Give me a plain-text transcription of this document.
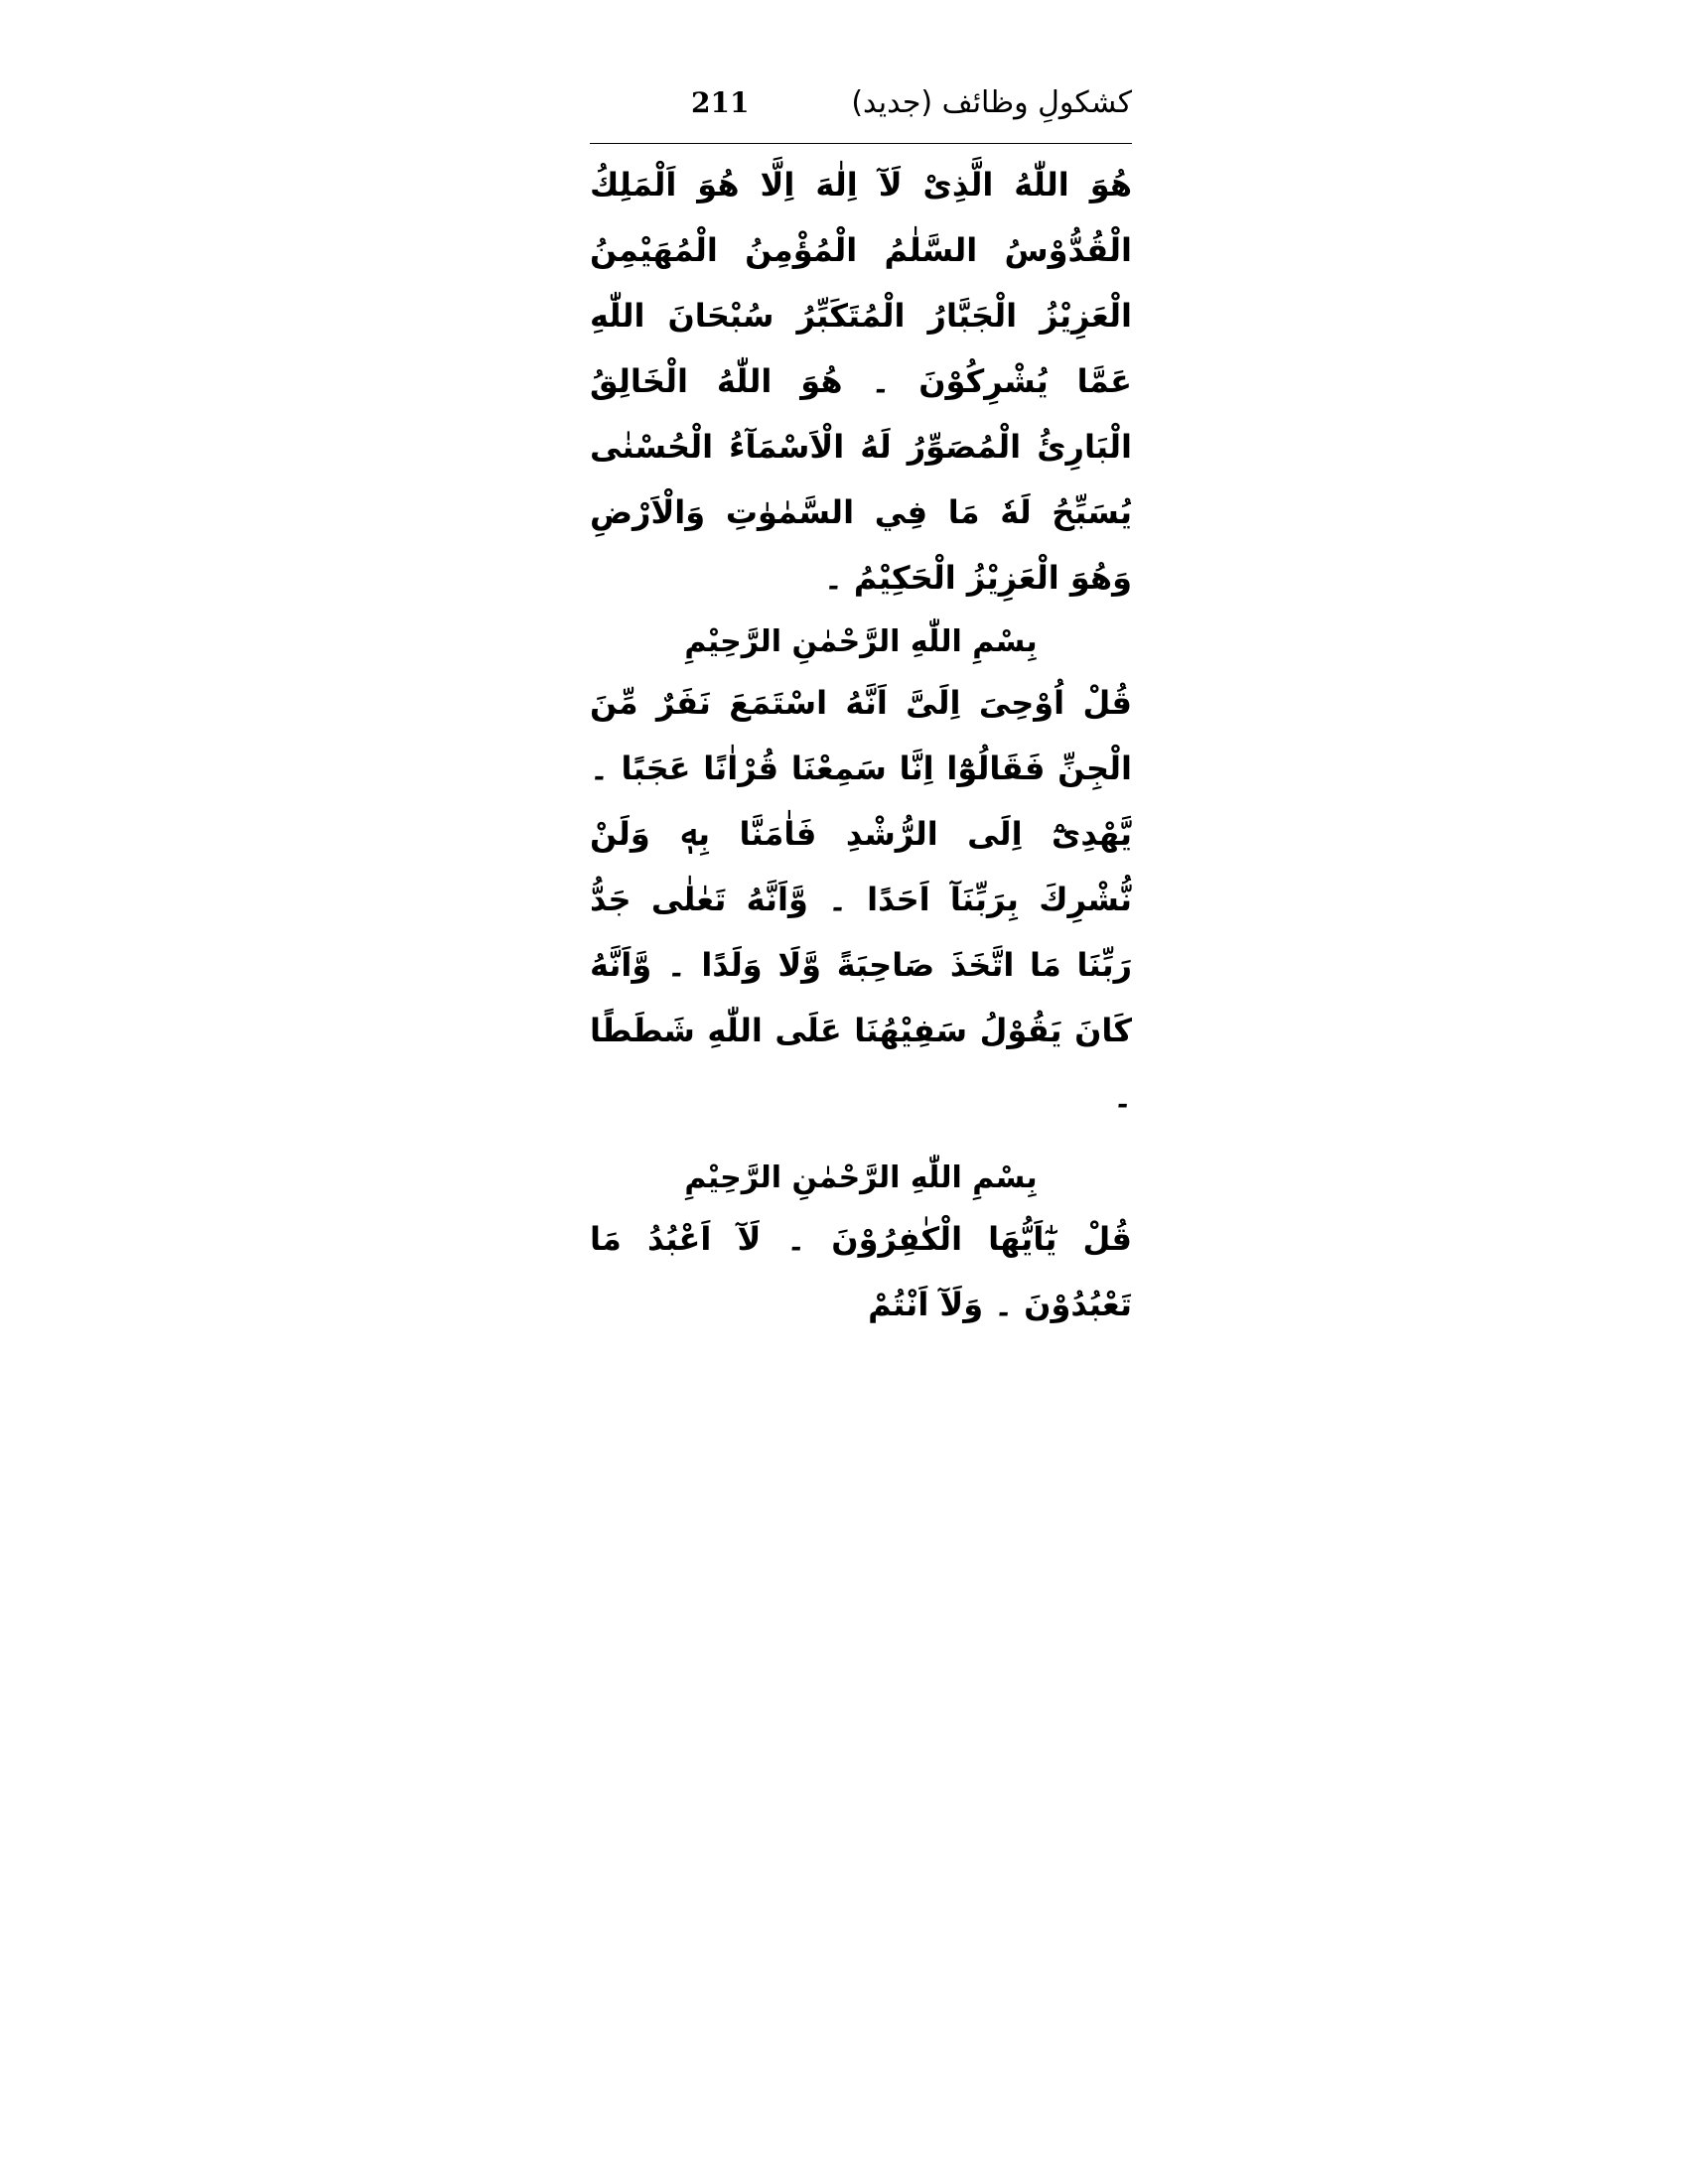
کشکولِ وظائف (جدید)
211

هُوَ اللّٰهُ الَّذِیْ لَآ اِلٰهَ اِلَّا هُوَ اَلْمَلِكُ الْقُدُّوْسُ السَّلٰمُ الْمُؤْمِنُ الْمُهَيْمِنُ الْعَزِیْزُ الْجَبَّارُ الْمُتَكَبِّرُ سُبْحَانَ اللّٰهِ عَمَّا يُشْرِكُوْنَ ۔ هُوَ اللّٰهُ الْخَالِقُ الْبَارِئُ الْمُصَوِّرُ لَهُ الْاَسْمَآءُ الْحُسْنٰى يُسَبِّحُ لَهٗ مَا فِي السَّمٰوٰتِ وَالْاَرْضِ وَهُوَ الْعَزِیْزُ الْحَكِيْمُ ۔

بِسْمِ اللّٰهِ الرَّحْمٰنِ الرَّحِيْمِ

قُلْ اُوْحِیَ اِلَیَّ اَنَّهُ اسْتَمَعَ نَفَرٌ مِّنَ الْجِنِّ فَقَالُوْٓا اِنَّا سَمِعْنَا قُرْاٰنًا عَجَبًا ۔ يَّهْدِیْٓ اِلَی الرُّشْدِ فَاٰمَنَّا بِهٖ وَلَنْ نُّشْرِكَ بِرَبِّنَآ اَحَدًا ۔ وَّاَنَّهُ تَعٰلٰى جَدُّ رَبِّنَا مَا اتَّخَذَ صَاحِبَةً وَّلَا وَلَدًا ۔ وَّاَنَّهُ كَانَ يَقُوْلُ سَفِيْهُنَا عَلَى اللّٰهِ شَطَطًا ۔

بِسْمِ اللّٰهِ الرَّحْمٰنِ الرَّحِيْمِ

قُلْ يٰٓاَيُّهَا الْكٰفِرُوْنَ ۔ لَآ اَعْبُدُ مَا تَعْبُدُوْنَ ۔ وَلَآ اَنْتُمْ
